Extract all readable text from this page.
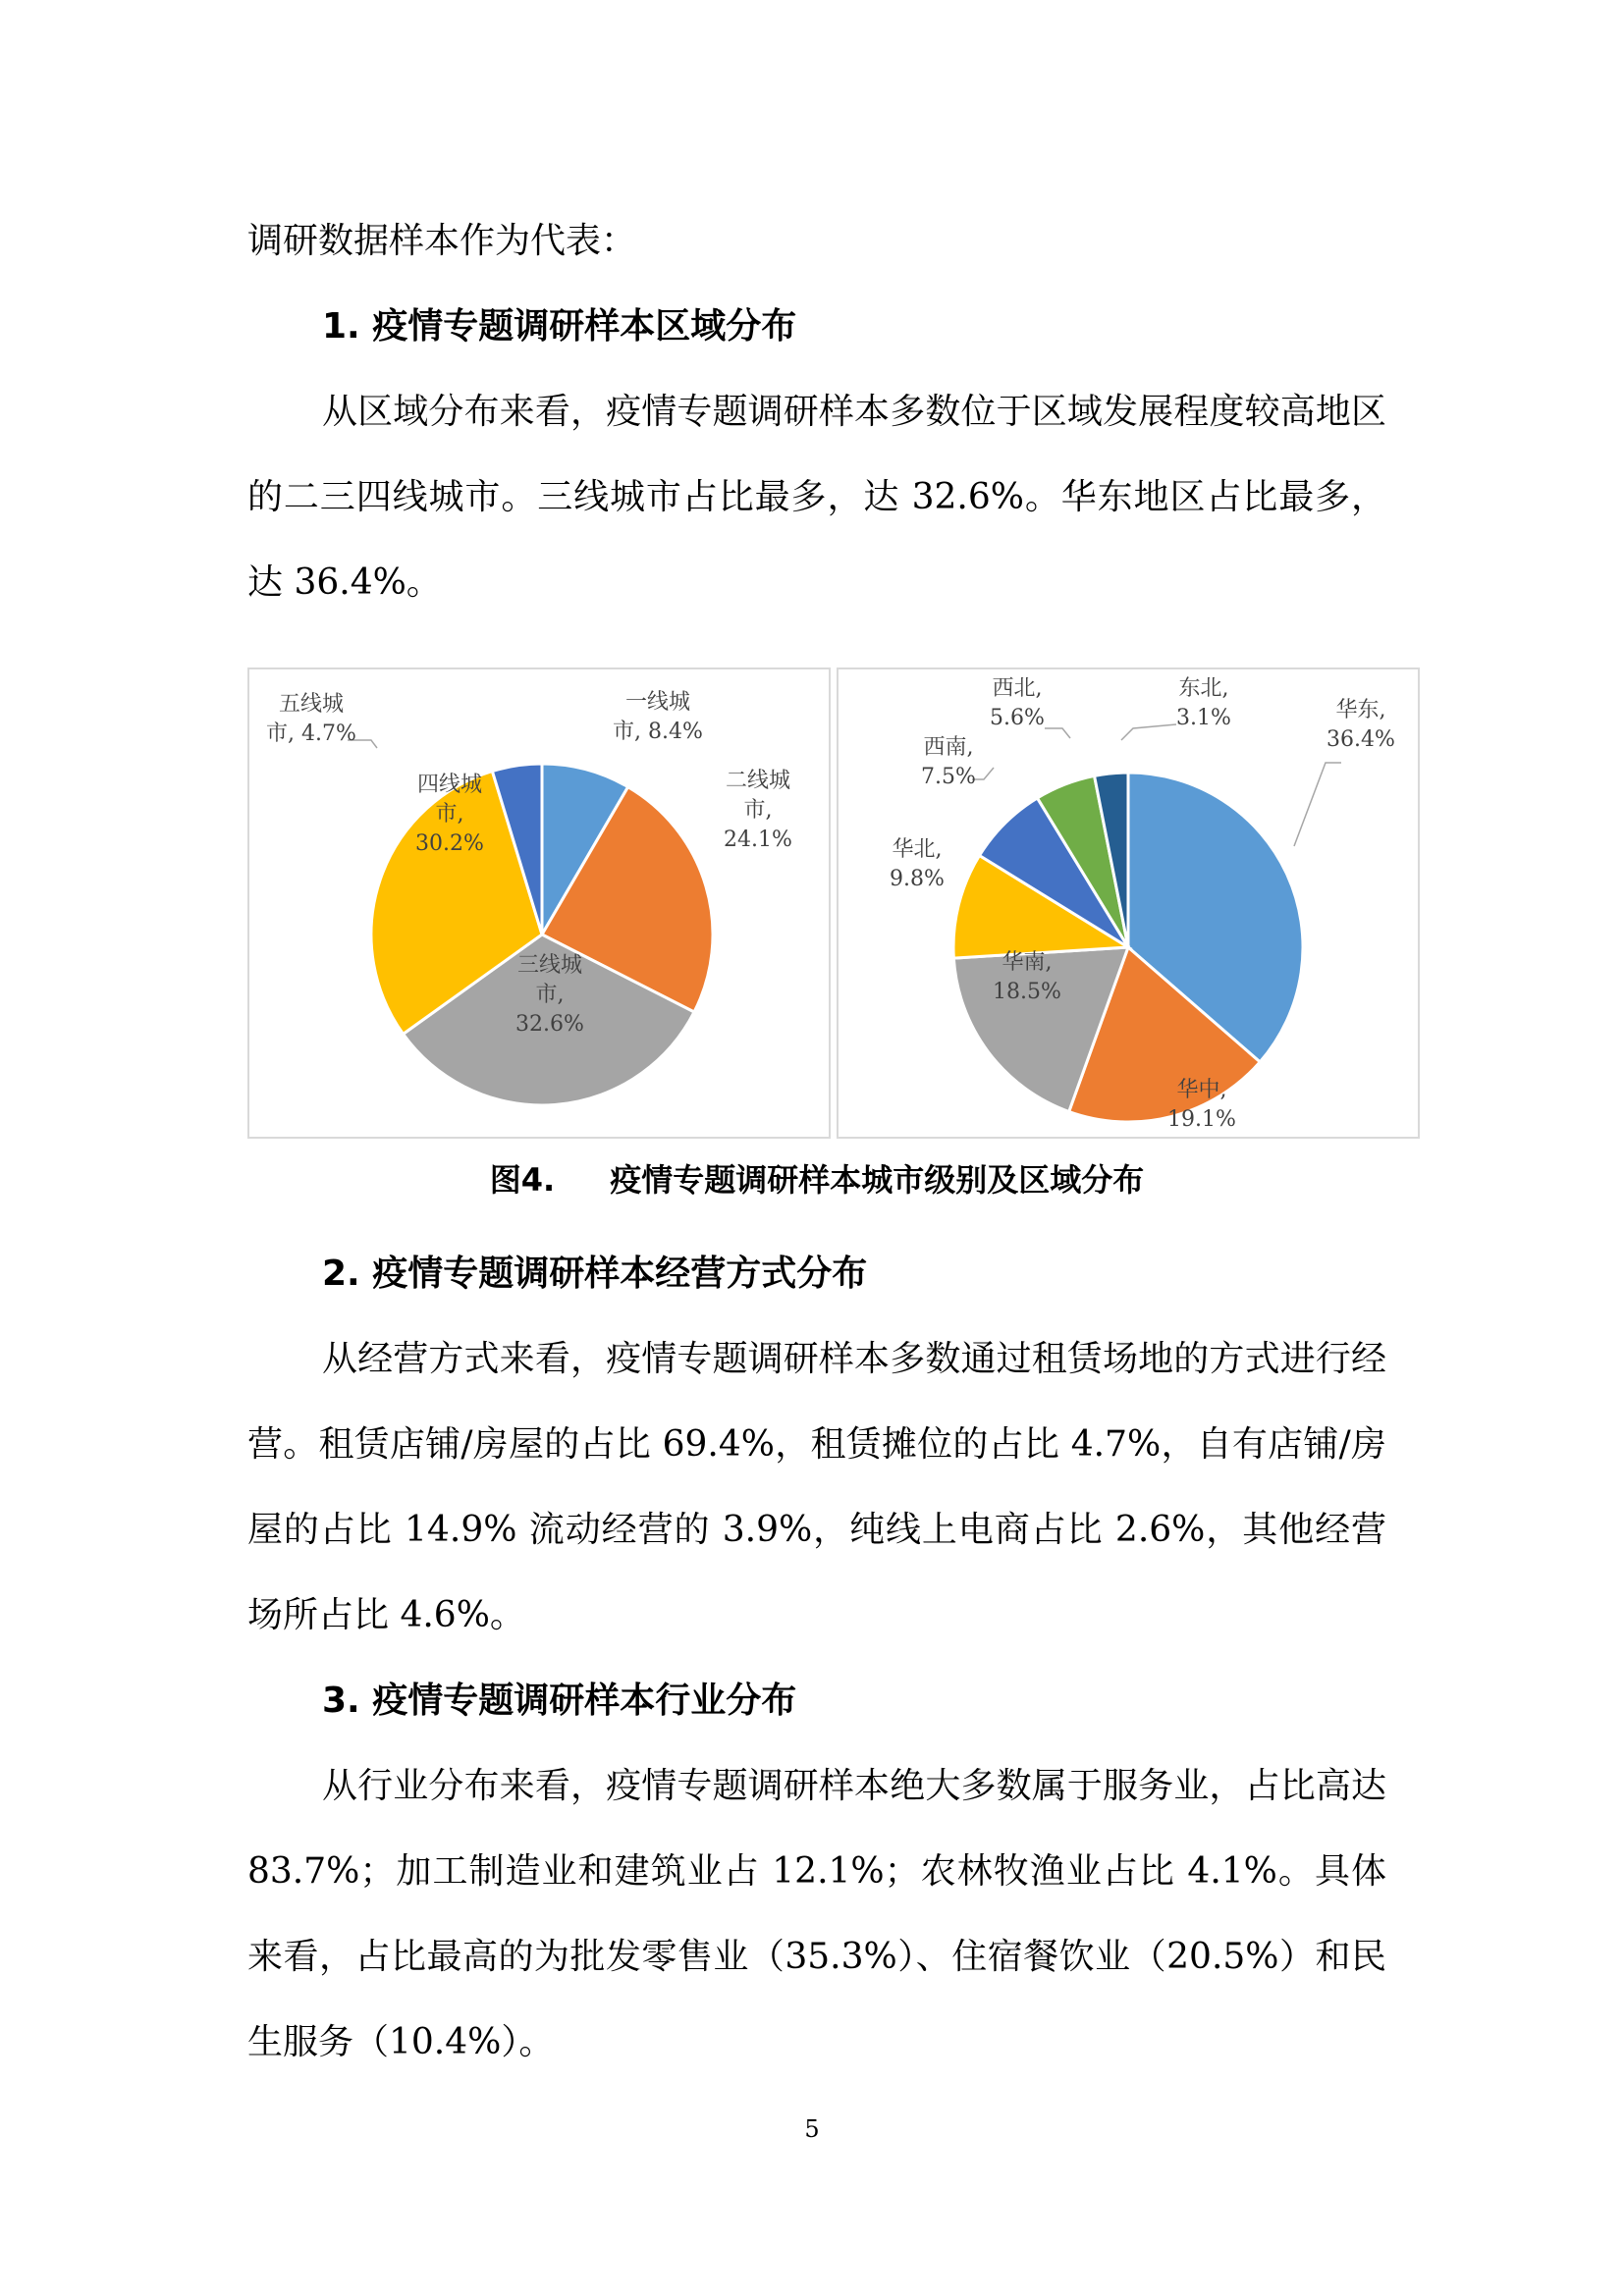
调研数据样本作为代表：

1. 疫情专题调研样本区域分布

从区域分布来看，疫情专题调研样本多数位于区域发展程度较高地区的二三四线城市。三线城市占比最多，达 32.6%。华东地区占比最多，达 36.4%。

一线城市, 8.4%
二线城市, 24.1%
三线城市, 32.6%
四线城市, 30.2%
五线城市, 4.7%
华东, 36.4%
华中, 19.1%
华南, 18.5%
华北, 9.8%
西南, 7.5%
西北, 5.6%
东北, 3.1%
图4. 疫情专题调研样本城市级别及区域分布

2. 疫情专题调研样本经营方式分布

从经营方式来看，疫情专题调研样本多数通过租赁场地的方式进行经营。租赁店铺/房屋的占比 69.4%，租赁摊位的占比 4.7%，自有店铺/房屋的占比 14.9% 流动经营的 3.9%，纯线上电商占比 2.6%，其他经营场所占比 4.6%。

3. 疫情专题调研样本行业分布

从行业分布来看，疫情专题调研样本绝大多数属于服务业，占比高达 83.7%；加工制造业和建筑业占 12.1%；农林牧渔业占比 4.1%。具体来看，占比最高的为批发零售业（35.3%）、住宿餐饮业（20.5%）和民生服务（10.4%）。

5
